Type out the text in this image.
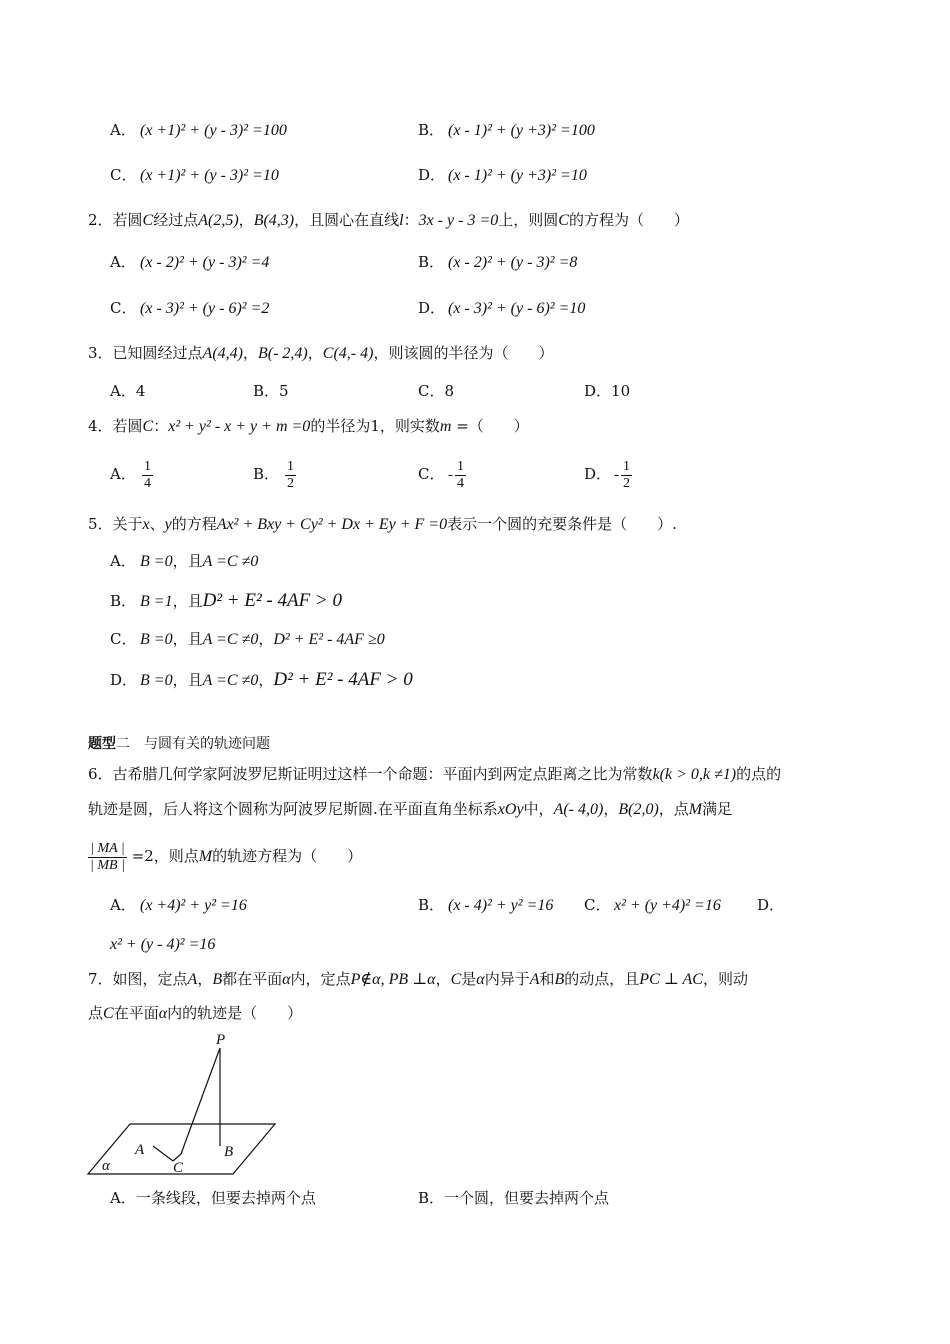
A． (x +1)² + (y - 3)² =100	B． (x - 1)² + (y +3)² =100
C． (x +1)² + (y - 3)² =10	D． (x - 1)² + (y +3)² =10
2．若圆C经过点A(2,5)，B(4,3)，且圆心在直线l：3x - y - 3 =0上，则圆C的方程为（　　）
A． (x - 2)² + (y - 3)² =4	B． (x - 2)² + (y - 3)² =8
C． (x - 3)² + (y - 6)² =2	D． (x - 3)² + (y - 6)² =10
3．已知圆经过点A(4,4)，B(- 2,4)，C(4,- 4)，则该圆的半径为（　　）
A．4	B．5	C．8	D．10
4．若圆C：x² + y² - x + y + m =0的半径为1，则实数m =（　　）
A． $\frac{1}{4}$	B． $\frac{1}{2}$	C． - $\frac{1}{4}$	D． - $\frac{1}{2}$
5．关于x、y的方程Ax² + Bxy + Cy² + Dx + Ey + F =0表示一个圆的充要条件是（　　）.
A． B =0，且A =C ≠0
B． B =1，且D² + E² - 4AF > 0
C． B =0，且A =C ≠0，D² + E² - 4AF ≥0
D． B =0，且A =C ≠0，D² + E² - 4AF > 0
题型二　与圆有关的轨迹问题
6．古希腊几何学家阿波罗尼斯证明过这样一个命题：平面内到两定点距离之比为常数k(k > 0,k ≠1)的点的
轨迹是圆，后人将这个圆称为阿波罗尼斯圆.在平面直角坐标系xOy中，A(- 4,0)，B(2,0)，点M满足
$\frac{| MA |}{| MB |} =2$，则点M的轨迹方程为（　　）
A． (x +4)² + y² =16	B． (x - 4)² + y² =16 C． x² + (y +4)² =16 D．
x² + (y - 4)² =16
7．如图，定点A，B都在平面α内，定点P∉α, PB ⊥α，C是α内异于A和B的动点，且PC ⊥ AC，则动
点C在平面α内的轨迹是（　　）
P
A	B
C
α
A．一条线段，但要去掉两个点	B．一个圆，但要去掉两个点
